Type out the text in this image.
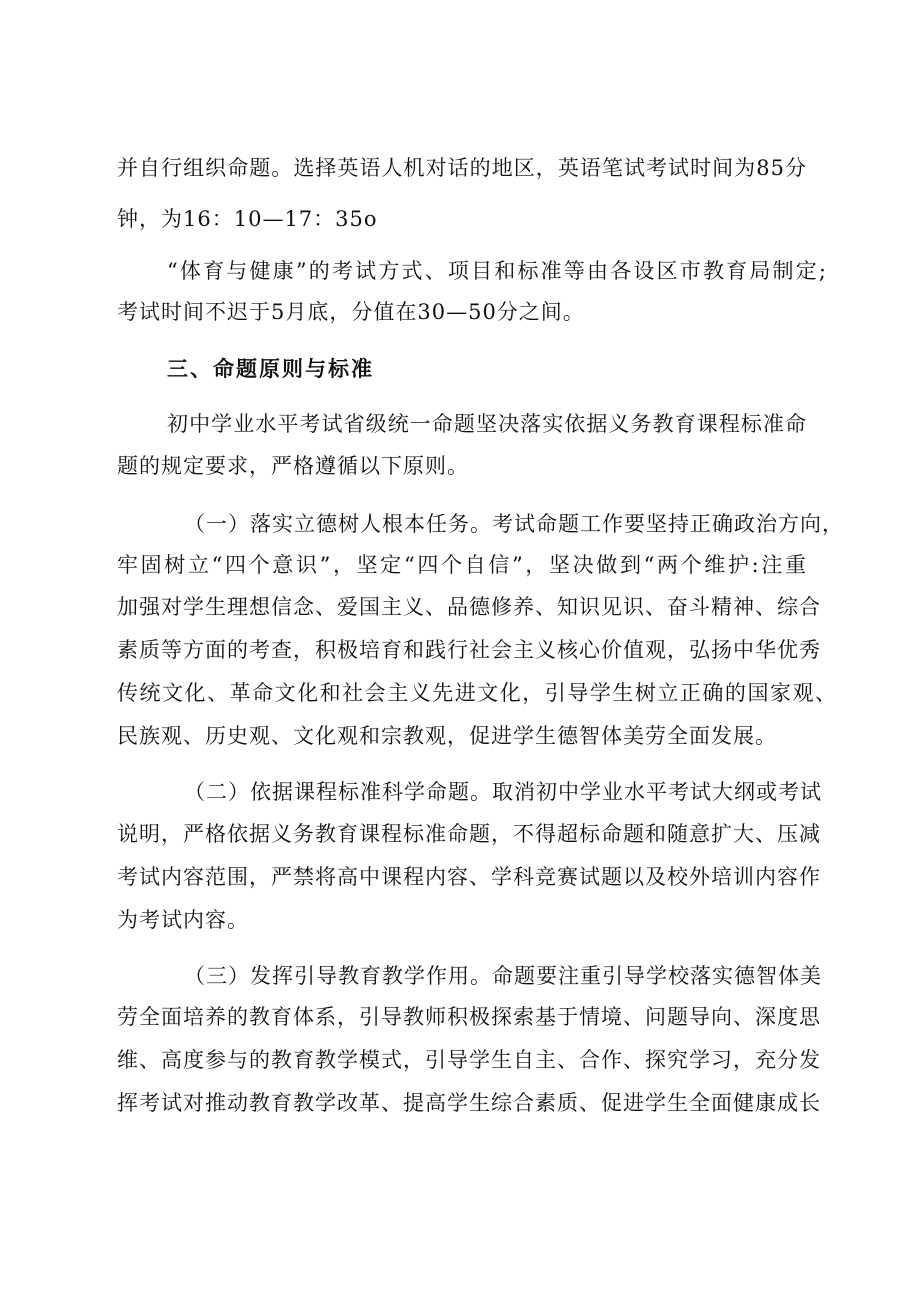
并自行组织命题。选择英语人机对话的地区，英语笔试考试时间为85分
钟，为16：10—17：35o
“体育与健康”的考试方式、项目和标准等由各设区市教育局制定;
考试时间不迟于5月底，分值在30—50分之间。
三、命题原则与标准
初中学业水平考试省级统一命题坚决落实依据义务教育课程标准命
题的规定要求，严格遵循以下原则。
（一）落实立德树人根本任务。考试命题工作要坚持正确政治方向，
牢固树立“四个意识”，坚定“四个自信”，坚决做到“两个维护:注重
加强对学生理想信念、爱国主义、品德修养、知识见识、奋斗精神、综合
素质等方面的考查，积极培育和践行社会主义核心价值观，弘扬中华优秀
传统文化、革命文化和社会主义先进文化，引导学生树立正确的国家观、
民族观、历史观、文化观和宗教观，促进学生德智体美劳全面发展。
（二）依据课程标准科学命题。取消初中学业水平考试大纲或考试
说明，严格依据义务教育课程标准命题，不得超标命题和随意扩大、压减
考试内容范围，严禁将高中课程内容、学科竞赛试题以及校外培训内容作
为考试内容。
（三）发挥引导教育教学作用。命题要注重引导学校落实德智体美
劳全面培养的教育体系，引导教师积极探索基于情境、问题导向、深度思
维、高度参与的教育教学模式，引导学生自主、合作、探究学习，充分发
挥考试对推动教育教学改革、提高学生综合素质、促进学生全面健康成长
